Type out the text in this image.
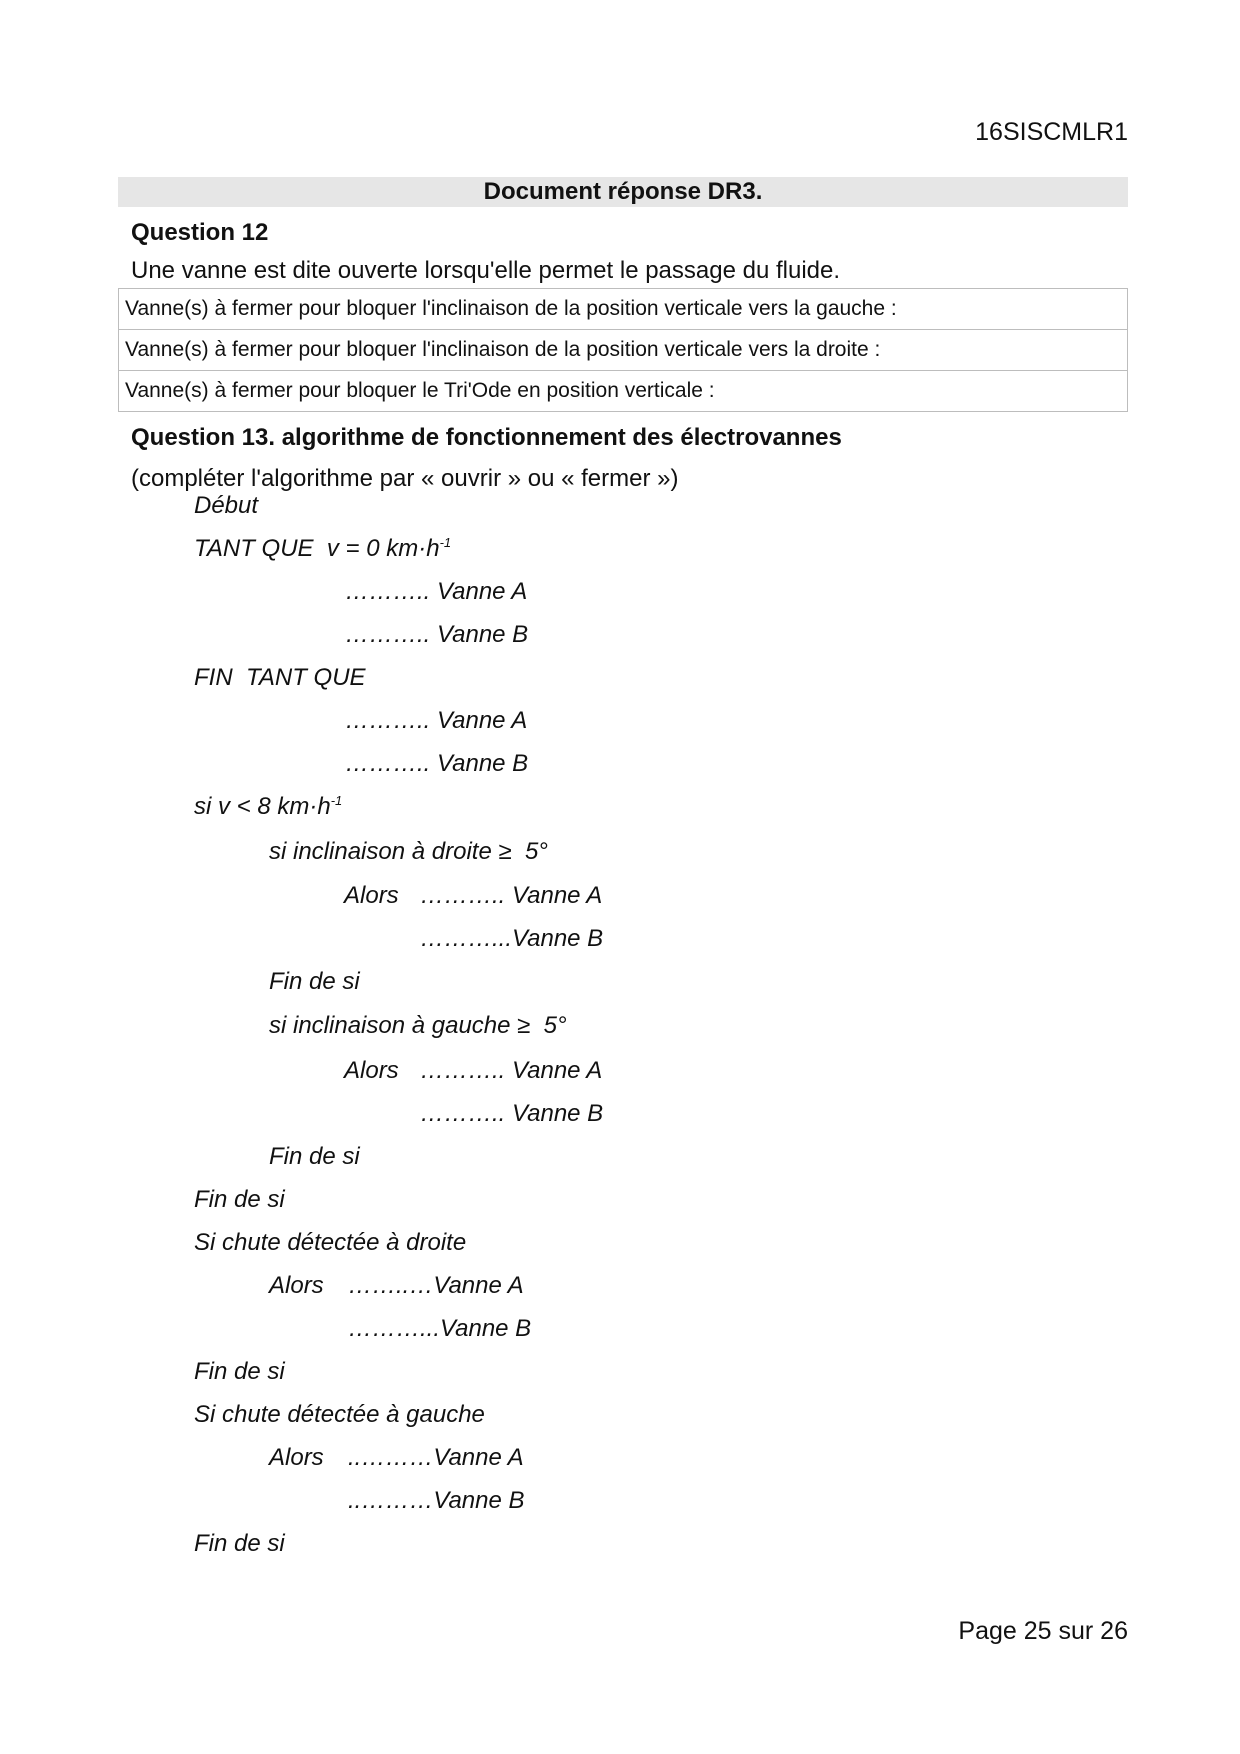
16SISCMLR1
Document réponse DR3.
Question 12
Une vanne est dite ouverte lorsqu'elle permet le passage du fluide.
Vanne(s) à fermer pour bloquer l'inclinaison de la position verticale vers la gauche :
Vanne(s) à fermer pour bloquer l'inclinaison de la position verticale vers la droite :
Vanne(s) à fermer pour bloquer le Tri'Ode en position verticale :
Question 13. algorithme de fonctionnement des électrovannes
(compléter l'algorithme par « ouvrir » ou « fermer »)
Début
TANT QUE  v = 0 $km\cdot h^{-1}$
……….. Vanne A
……….. Vanne B
FIN  TANT QUE
……….. Vanne A
……….. Vanne B
si v < 8 $km\cdot h^{-1}$
si inclinaison à droite ≥  5°
Alors ……….. Vanne A
………...Vanne B
Fin de si
si inclinaison à gauche ≥  5°
Alors ……….. Vanne A
……….. Vanne B
Fin de si
Fin de si
Si chute détectée à droite
Alors ……..…Vanne A
………...Vanne B
Fin de si
Si chute détectée à gauche
Alors ..………Vanne A
..………Vanne B
Fin de si
Page 25 sur 26
